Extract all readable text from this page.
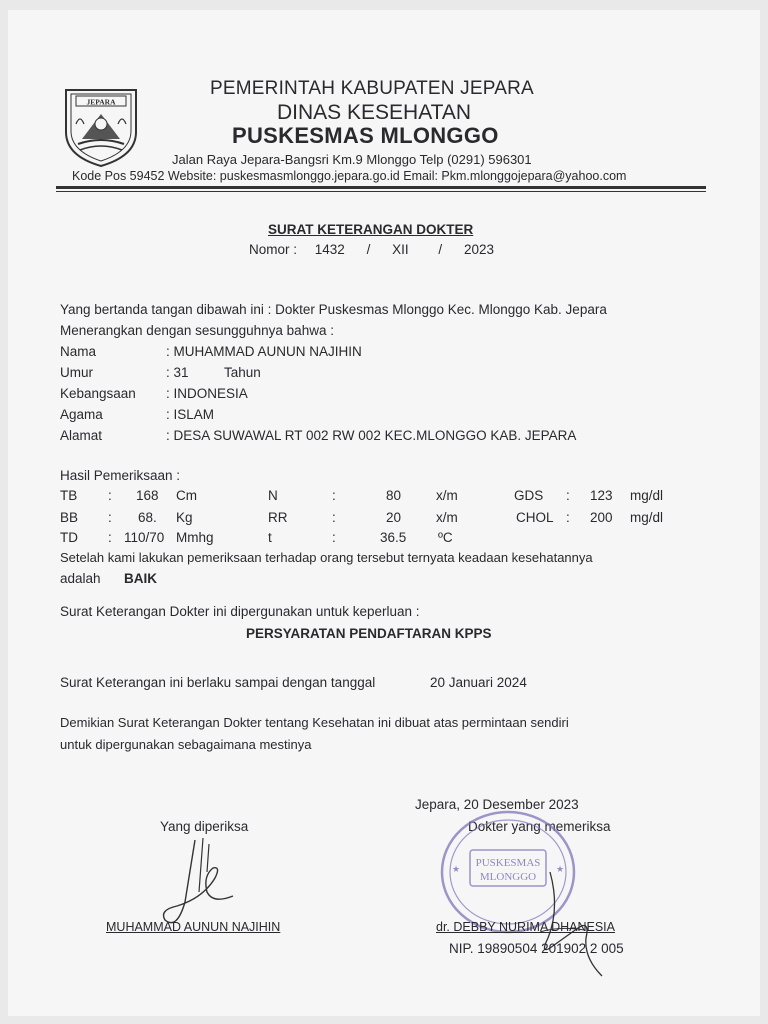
JEPARA
PEMERINTAH KABUPATEN JEPARA
DINAS KESEHATAN
PUSKESMAS MLONGGO
Jalan Raya Jepara-Bangsri Km.9 Mlonggo Telp (0291) 596301
Kode Pos 59452 Website: puskesmasmlonggo.jepara.go.id Email: Pkm.mlonggojepara@yahoo.com
SURAT KETERANGAN DOKTER
Nomor : 1432 / XII / 2023
Yang bertanda tangan dibawah ini : Dokter Puskesmas Mlonggo Kec. Mlonggo Kab. Jepara
Menerangkan dengan sesungguhnya bahwa :
Nama	: MUHAMMAD AUNUN NAJIHIN
Umur	: 31	Tahun
Kebangsaan : INDONESIA
Agama	: ISLAM
Alamat	: DESA SUWAWAL RT 002 RW 002 KEC.MLONGGO KAB. JEPARA
Hasil Pemeriksaan :
TB : 168 Cm	N	:	80	x/m	GDS : 123 mg/dl
BB : 68. Kg	RR	:	20	x/m	CHOL : 200 mg/dl
TD : 110/70 Mmhg	t	:	36.5 ºC
Setelah kami lakukan pemeriksaan terhadap orang tersebut ternyata keadaan kesehatannya
adalah BAIK
Surat Keterangan Dokter ini dipergunakan untuk keperluan :
PERSYARATAN PENDAFTARAN KPPS
Surat Keterangan ini berlaku sampai dengan tanggal	20 Januari 2024
Demikian Surat Keterangan Dokter tentang Kesehatan ini dibuat atas permintaan sendiri
untuk dipergunakan sebagaimana mestinya
Jepara, 20 Desember 2023
Yang diperiksa	Dokter yang memeriksa
PUSKESMAS
MLONGGO
★	★
MUHAMMAD AUNUN NAJIHIN	dr. DEBBY NURIMA DHANESIA
NIP. 19890504 201902 2 005
